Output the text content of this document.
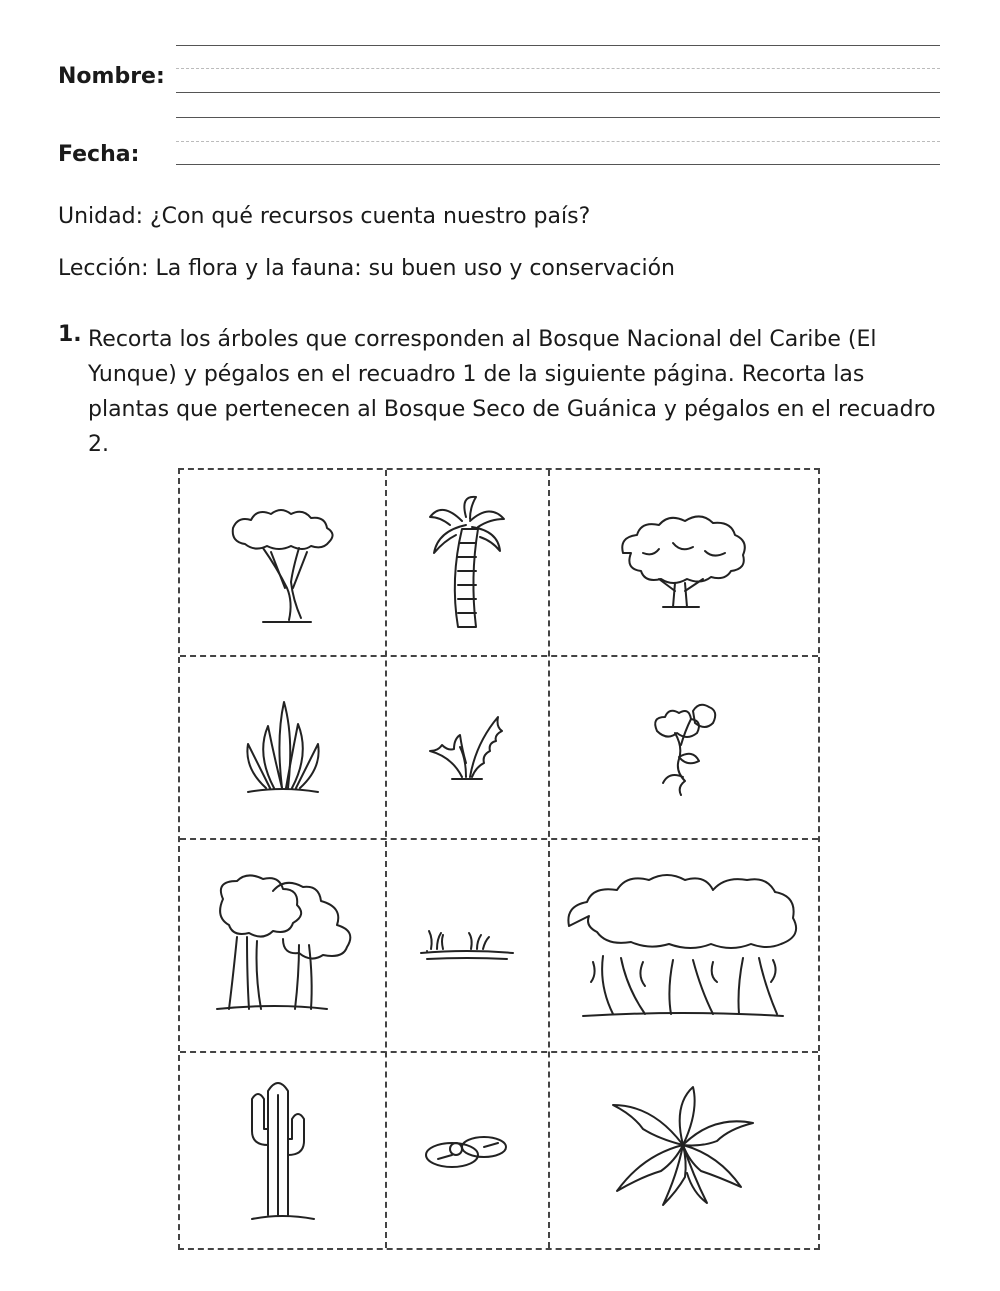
Nombre:
Fecha:
Unidad: ¿Con qué recursos cuenta nuestro país?
Lección: La flora y la fauna: su buen uso y conservación
1. Recorta los árboles que corresponden al Bosque Nacional del Caribe (El Yunque) y pégalos en el recuadro 1 de la siguiente página. Recorta las plantas que pertenecen al Bosque Seco de Guánica y pégalos en el recuadro 2.
